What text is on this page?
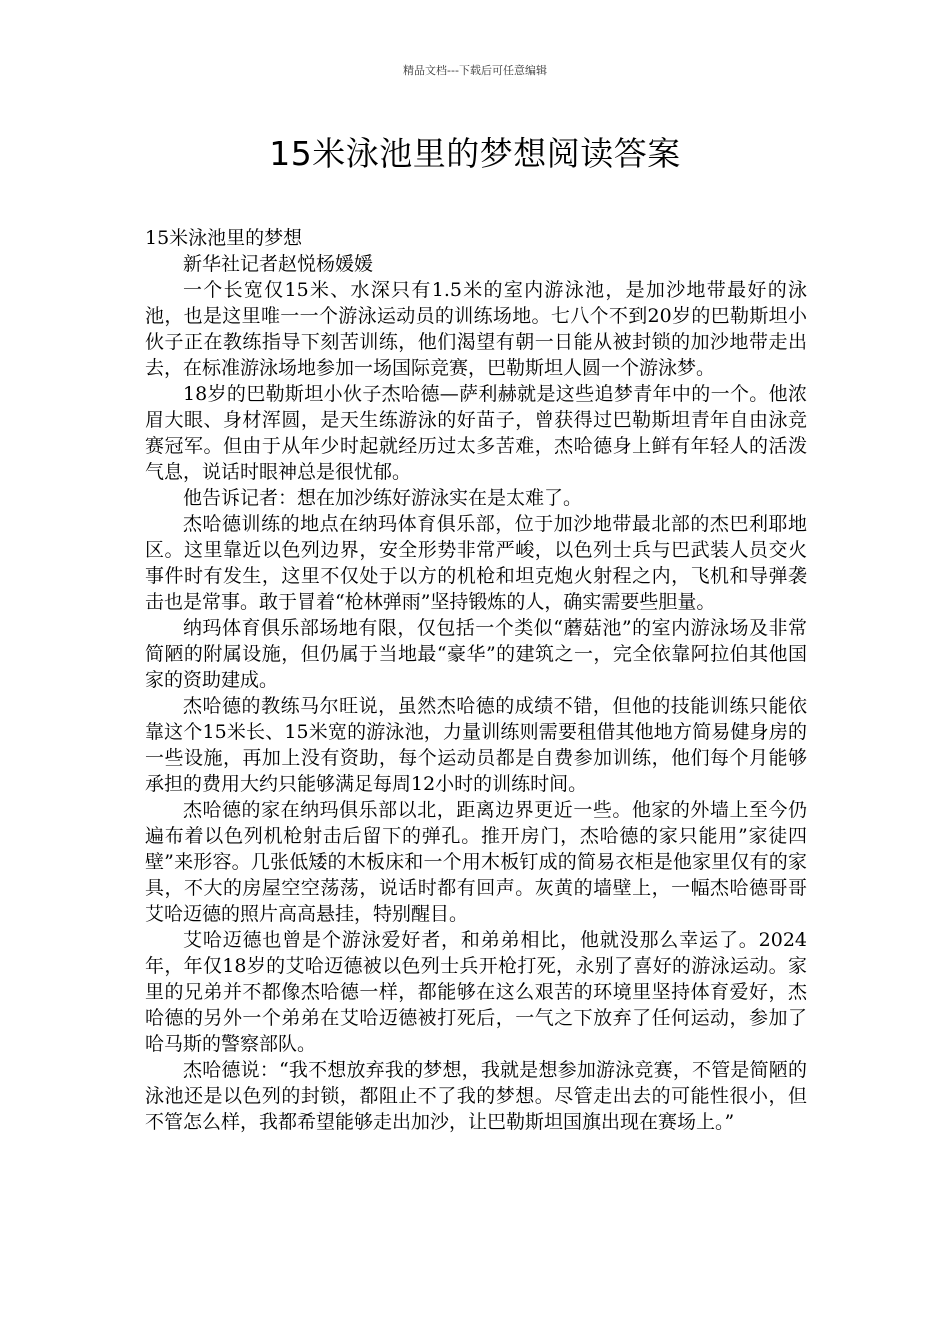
精品文档---下载后可任意编辑
15米泳池里的梦想阅读答案

15米泳池里的梦想

新华社记者赵悦杨媛媛

一个长宽仅15米、水深只有1.5米的室内游泳池，是加沙地带最好的泳池，也是这里唯一一个游泳运动员的训练场地。七八个不到20岁的巴勒斯坦小伙子正在教练指导下刻苦训练，他们渴望有朝一日能从被封锁的加沙地带走出去，在标准游泳场地参加一场国际竞赛，巴勒斯坦人圆一个游泳梦。

18岁的巴勒斯坦小伙子杰哈德—萨利赫就是这些追梦青年中的一个。他浓眉大眼、身材浑圆，是天生练游泳的好苗子，曾获得过巴勒斯坦青年自由泳竞赛冠军。但由于从年少时起就经历过太多苦难，杰哈德身上鲜有年轻人的活泼气息，说话时眼神总是很忧郁。

他告诉记者：想在加沙练好游泳实在是太难了。

杰哈德训练的地点在纳玛体育俱乐部，位于加沙地带最北部的杰巴利耶地区。这里靠近以色列边界，安全形势非常严峻，以色列士兵与巴武装人员交火事件时有发生，这里不仅处于以方的机枪和坦克炮火射程之内，飞机和导弹袭击也是常事。敢于冒着“枪林弹雨”坚持锻炼的人，确实需要些胆量。

纳玛体育俱乐部场地有限，仅包括一个类似“蘑菇池”的室内游泳场及非常简陋的附属设施，但仍属于当地最“豪华”的建筑之一，完全依靠阿拉伯其他国家的资助建成。

杰哈德的教练马尔旺说，虽然杰哈德的成绩不错，但他的技能训练只能依靠这个15米长、15米宽的游泳池，力量训练则需要租借其他地方简易健身房的一些设施，再加上没有资助，每个运动员都是自费参加训练，他们每个月能够承担的费用大约只能够满足每周12小时的训练时间。

杰哈德的家在纳玛俱乐部以北，距离边界更近一些。他家的外墙上至今仍遍布着以色列机枪射击后留下的弹孔。推开房门，杰哈德的家只能用”家徒四壁”来形容。几张低矮的木板床和一个用木板钉成的简易衣柜是他家里仅有的家具，不大的房屋空空荡荡，说话时都有回声。灰黄的墙壁上，一幅杰哈德哥哥艾哈迈德的照片高高悬挂，特别醒目。

艾哈迈德也曾是个游泳爱好者，和弟弟相比，他就没那么幸运了。2024年，年仅18岁的艾哈迈德被以色列士兵开枪打死，永别了喜好的游泳运动。家里的兄弟并不都像杰哈德一样，都能够在这么艰苦的环境里坚持体育爱好，杰哈德的另外一个弟弟在艾哈迈德被打死后，一气之下放弃了任何运动，参加了哈马斯的警察部队。

杰哈德说：“我不想放弃我的梦想，我就是想参加游泳竞赛，不管是简陋的泳池还是以色列的封锁，都阻止不了我的梦想。尽管走出去的可能性很小，但不管怎么样，我都希望能够走出加沙，让巴勒斯坦国旗出现在赛场上。”
